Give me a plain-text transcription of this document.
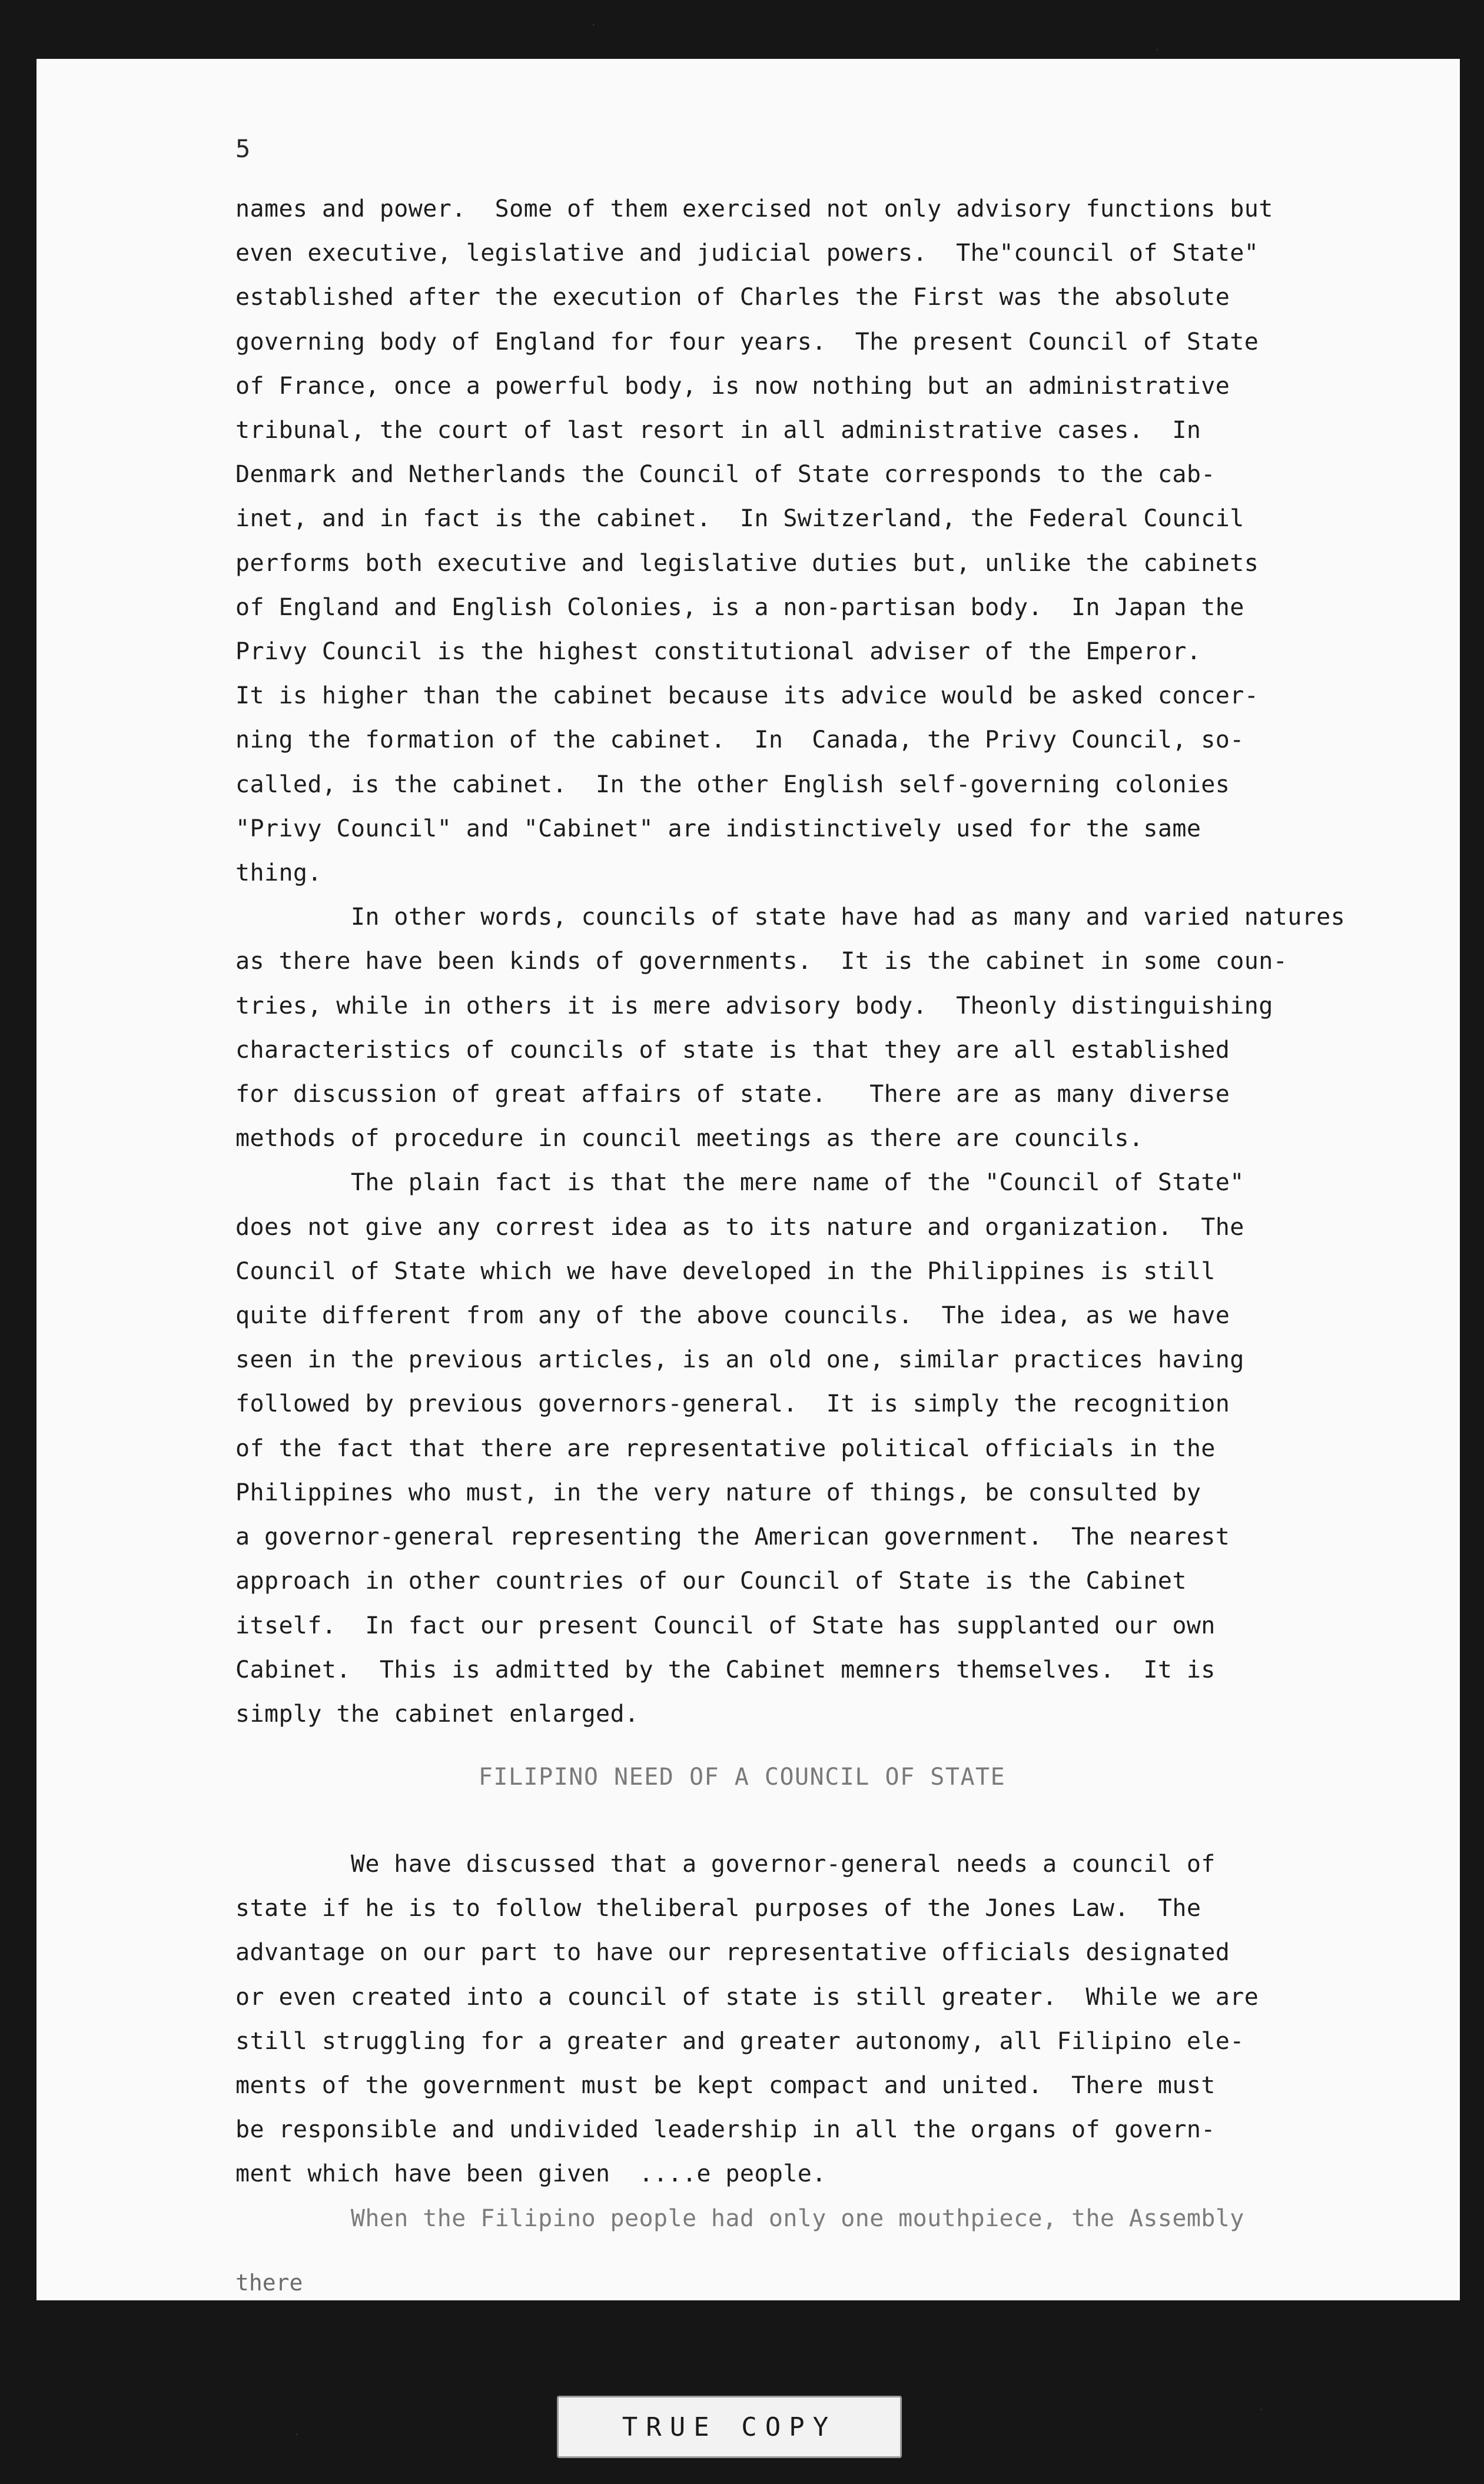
5

names and power.  Some of them exercised not only advisory functions but

even executive, legislative and judicial powers.  The"council of State"

established after the execution of Charles the First was the absolute

governing body of England for four years.  The present Council of State

of France, once a powerful body, is now nothing but an administrative

tribunal, the court of last resort in all administrative cases.  In

Denmark and Netherlands the Council of State corresponds to the cab-

inet, and in fact is the cabinet.  In Switzerland, the Federal Council

performs both executive and legislative duties but, unlike the cabinets

of England and English Colonies, is a non-partisan body.  In Japan the

Privy Council is the highest constitutional adviser of the Emperor.

It is higher than the cabinet because its advice would be asked concer-

ning the formation of the cabinet.  In  Canada, the Privy Council, so-

called, is the cabinet.  In the other English self-governing colonies

"Privy Council" and "Cabinet" are indistinctively used for the same

thing.

In other words, councils of state have had as many and varied natures

as there have been kinds of governments.  It is the cabinet in some coun-

tries, while in others it is mere advisory body.  Theonly distinguishing

characteristics of councils of state is that they are all established

for discussion of great affairs of state.   There are as many diverse

methods of procedure in council meetings as there are councils.

The plain fact is that the mere name of the "Council of State"

does not give any correst idea as to its nature and organization.  The

Council of State which we have developed in the Philippines is still

quite different from any of the above councils.  The idea, as we have

seen in the previous articles, is an old one, similar practices having

followed by previous governors-general.  It is simply the recognition

of the fact that there are representative political officials in the

Philippines who must, in the very nature of things, be consulted by

a governor-general representing the American government.  The nearest

approach in other countries of our Council of State is the Cabinet

itself.  In fact our present Council of State has supplanted our own

Cabinet.  This is admitted by the Cabinet memners themselves.  It is

simply the cabinet enlarged.

FILIPINO NEED OF A COUNCIL OF STATE

We have discussed that a governor-general needs a council of

state if he is to follow theliberal purposes of the Jones Law.  The

advantage on our part to have our representative officials designated

or even created into a council of state is still greater.  While we are

still struggling for a greater and greater autonomy, all Filipino ele-

ments of the government must be kept compact and united.  There must

be responsible and undivided leadership in all the organs of govern-

ment which have been given  ....e people.

When the Filipino people had only one mouthpiece, the Assembly

there
TRUE COPY
